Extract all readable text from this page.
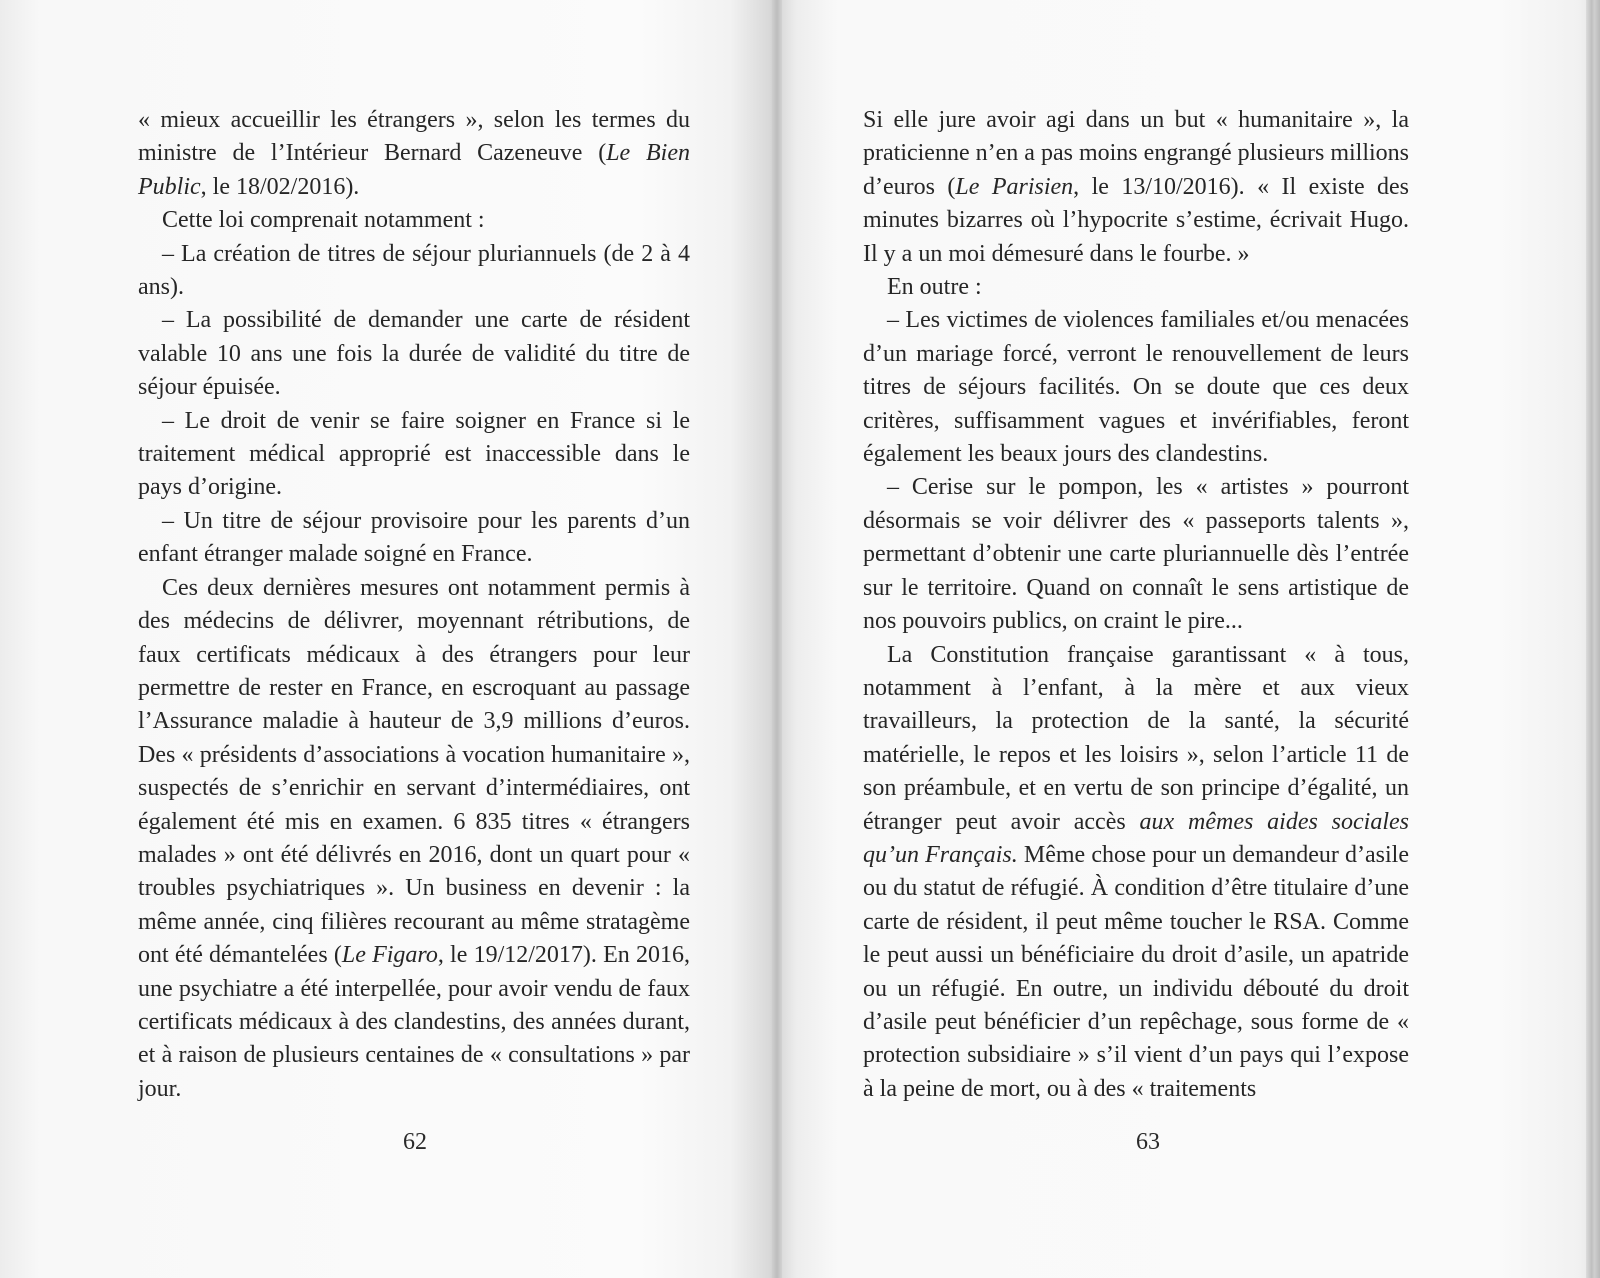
« mieux accueillir les étrangers », selon les termes du ministre de l’Intérieur Bernard Cazeneuve (Le Bien Public, le 18/02/2016).

Cette loi comprenait notamment :

– La création de titres de séjour pluriannuels (de 2 à 4 ans).

– La possibilité de demander une carte de résident valable 10 ans une fois la durée de validité du titre de séjour épuisée.

– Le droit de venir se faire soigner en France si le traitement médical approprié est inaccessible dans le pays d’origine.

– Un titre de séjour provisoire pour les parents d’un enfant étranger malade soigné en France.

Ces deux dernières mesures ont notamment permis à des médecins de délivrer, moyennant rétributions, de faux certificats médicaux à des étrangers pour leur permettre de rester en France, en escroquant au passage l’Assurance maladie à hauteur de 3,9 millions d’euros. Des « présidents d’associations à vocation humanitaire », suspectés de s’enrichir en servant d’intermédiaires, ont également été mis en examen. 6 835 titres « étrangers malades » ont été délivrés en 2016, dont un quart pour « troubles psychiatriques ». Un business en devenir : la même année, cinq filières recourant au même stratagème ont été démantelées (Le Figaro, le 19/12/2017). En 2016, une psychiatre a été interpellée, pour avoir vendu de faux certificats médicaux à des clandestins, des années durant, et à raison de plusieurs centaines de « consultations » par jour.

62

Si elle jure avoir agi dans un but « humanitaire », la praticienne n’en a pas moins engrangé plusieurs millions d’euros (Le Parisien, le 13/10/2016). « Il existe des minutes bizarres où l’hypocrite s’estime, écrivait Hugo. Il y a un moi démesuré dans le fourbe. »

En outre :

– Les victimes de violences familiales et/ou menacées d’un mariage forcé, verront le renouvellement de leurs titres de séjours facilités. On se doute que ces deux critères, suffisamment vagues et invérifiables, feront également les beaux jours des clandestins.

– Cerise sur le pompon, les « artistes » pourront désormais se voir délivrer des « passeports talents », permettant d’obtenir une carte pluriannuelle dès l’entrée sur le territoire. Quand on connaît le sens artistique de nos pouvoirs publics, on craint le pire...

La Constitution française garantissant « à tous, notamment à l’enfant, à la mère et aux vieux travailleurs, la protection de la santé, la sécurité matérielle, le repos et les loisirs », selon l’article 11 de son préambule, et en vertu de son principe d’égalité, un étranger peut avoir accès aux mêmes aides sociales qu’un Français. Même chose pour un demandeur d’asile ou du statut de réfugié. À condition d’être titulaire d’une carte de résident, il peut même toucher le RSA. Comme le peut aussi un bénéficiaire du droit d’asile, un apatride ou un réfugié. En outre, un individu débouté du droit d’asile peut bénéficier d’un repêchage, sous forme de « protection subsidiaire » s’il vient d’un pays qui l’expose à la peine de mort, ou à des « traitements

63
